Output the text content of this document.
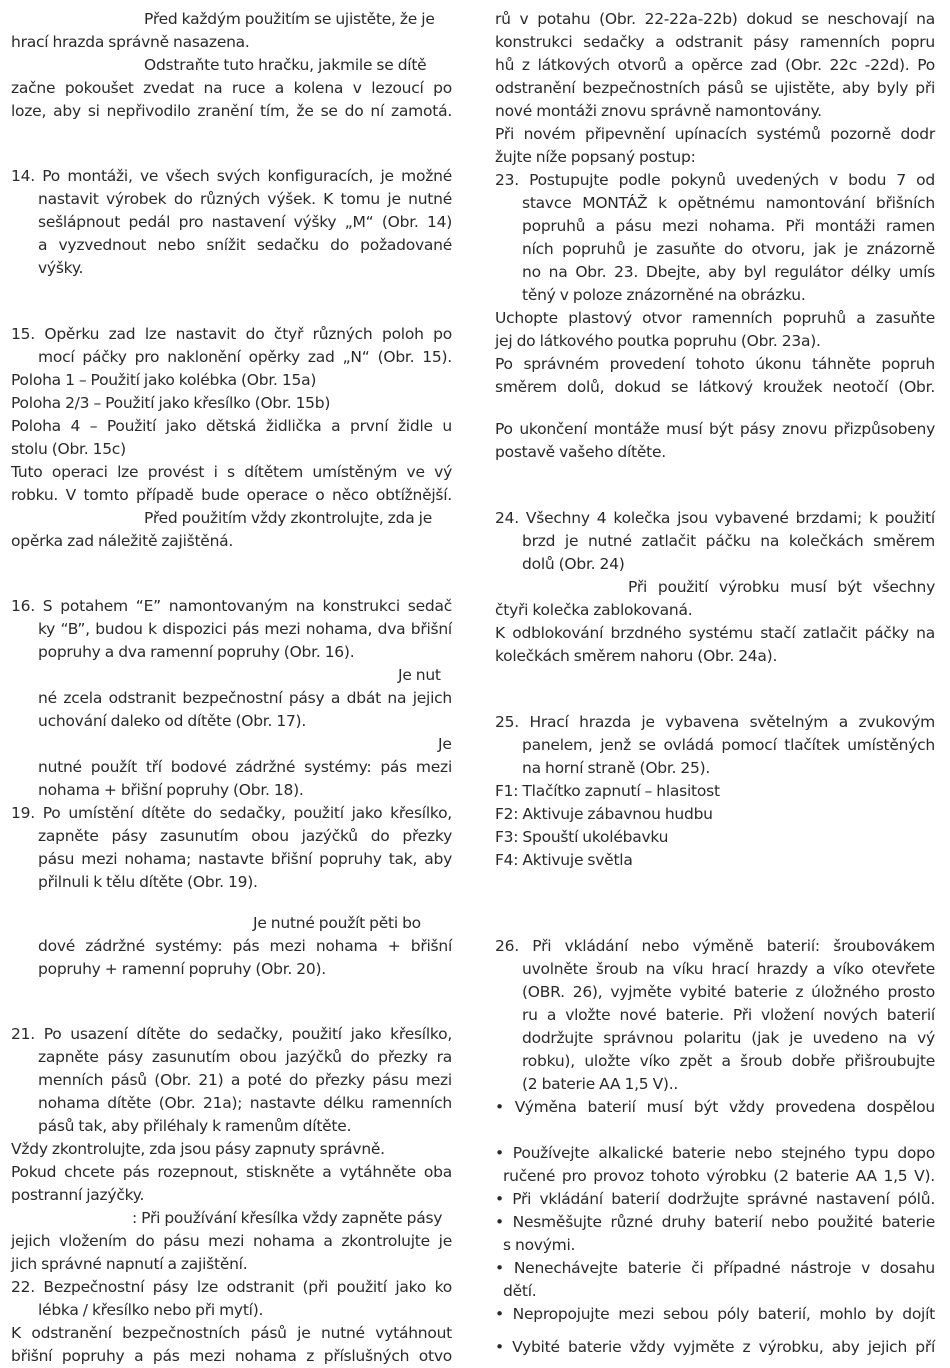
Před každým použitím se ujistěte, že je
hrací hrazda správně nasazena.
Odstraňte tuto hračku, jakmile se dítě
začne pokoušet zvedat na ruce a kolena v lezoucí po
loze, aby si nepřivodilo zranění tím, že se do ní zamotá.
14. Po montáži, ve všech svých konfiguracích, je možné
nastavit výrobek do různých výšek. K tomu je nutné
sešlápnout pedál pro nastavení výšky „M“ (Obr. 14)
a vyzvednout nebo snížit sedačku do požadované
výšky.
15. Opěrku zad lze nastavit do čtyř různých poloh po
mocí páčky pro naklonění opěrky zad „N“ (Obr. 15).
Poloha 1 – Použití jako kolébka (Obr. 15a)
Poloha 2/3 – Použití jako křesílko (Obr. 15b)
Poloha 4 – Použití jako dětská židlička a první židle u
stolu (Obr. 15c)
Tuto operaci lze provést i s dítětem umístěným ve vý
robku. V tomto případě bude operace o něco obtížnější.
Před použitím vždy zkontrolujte, zda je
opěrka zad náležitě zajištěná.
16. S potahem “E” namontovaným na konstrukci sedač
ky “B”, budou k dispozici pás mezi nohama, dva břišní
popruhy a dva ramenní popruhy (Obr. 16).
Je nut
né zcela odstranit bezpečnostní pásy a dbát na jejich
uchování daleko od dítěte (Obr. 17).
Je
nutné použít tří bodové zádržné systémy: pás mezi
nohama + břišní popruhy (Obr. 18).
19. Po umístění dítěte do sedačky, použití jako křesílko,
zapněte pásy zasunutím obou jazýčků do přezky
pásu mezi nohama; nastavte břišní popruhy tak, aby
přilnuli k tělu dítěte (Obr. 19).
Je nutné použít pěti bo
dové zádržné systémy: pás mezi nohama + břišní
popruhy + ramenní popruhy (Obr. 20).
21. Po usazení dítěte do sedačky, použití jako křesílko,
zapněte pásy zasunutím obou jazýčků do přezky ra
menních pásů (Obr. 21) a poté do přezky pásu mezi
nohama dítěte (Obr. 21a); nastavte délku ramenních
pásů tak, aby přiléhaly k ramenům dítěte.
Vždy zkontrolujte, zda jsou pásy zapnuty správně.
Pokud chcete pás rozepnout, stiskněte a vytáhněte oba
postranní jazýčky.
: Při používání křesílka vždy zapněte pásy
jejich vložením do pásu mezi nohama a zkontrolujte je
jich správné napnutí a zajištění.
22. Bezpečnostní pásy lze odstranit (při použití jako ko
lébka / křesílko nebo při mytí).
K odstranění bezpečnostních pásů je nutné vytáhnout
břišní popruhy a pás mezi nohama z příslušných otvo
rů v potahu (Obr. 22-22a-22b) dokud se neschovají na
konstrukci sedačky a odstranit pásy ramenních popru
hů z látkových otvorů a opěrce zad (Obr. 22c -22d). Po
odstranění bezpečnostních pásů se ujistěte, aby byly při
nové montáži znovu správně namontovány.
Při novém připevnění upínacích systémů pozorně dodr
žujte níže popsaný postup:
23. Postupujte podle pokynů uvedených v bodu 7 od
stavce MONTÁŽ k opětnému namontování břišních
popruhů a pásu mezi nohama. Při montáži ramen
ních popruhů je zasuňte do otvoru, jak je znázorně
no na Obr. 23. Dbejte, aby byl regulátor délky umís
těný v poloze znázorněné na obrázku.
Uchopte plastový otvor ramenních popruhů a zasuňte
jej do látkového poutka popruhu (Obr. 23a).
Po správném provedení tohoto úkonu táhněte popruh
směrem dolů, dokud se látkový kroužek neotočí (Obr.
Po ukončení montáže musí být pásy znovu přizpůsobeny
postavě vašeho dítěte.
24. Všechny 4 kolečka jsou vybavené brzdami; k použití
brzd je nutné zatlačit páčku na kolečkách směrem
dolů (Obr. 24)
Při použití výrobku musí být všechny
čtyři kolečka zablokovaná.
K odblokování brzdného systému stačí zatlačit páčky na
kolečkách směrem nahoru (Obr. 24a).
25. Hrací hrazda je vybavena světelným a zvukovým
panelem, jenž se ovládá pomocí tlačítek umístěných
na horní straně (Obr. 25).
F1: Tlačítko zapnutí – hlasitost
F2: Aktivuje zábavnou hudbu
F3: Spouští ukolébavku
F4: Aktivuje světla
26. Při vkládání nebo výměně baterií: šroubovákem
uvolněte šroub na víku hrací hrazdy a víko otevřete
(OBR. 26), vyjměte vybité baterie z úložného prosto
ru a vložte nové baterie. Při vložení nových baterií
dodržujte správnou polaritu (jak je uvedeno na vý
robku), uložte víko zpět a šroub dobře přišroubujte
(2 baterie AA 1,5 V)..
• Výměna baterií musí být vždy provedena dospělou
• Používejte alkalické baterie nebo stejného typu dopo
ručené pro provoz tohoto výrobku (2 baterie AA 1,5 V).
• Při vkládání baterií dodržujte správné nastavení pólů.
• Nesměšujte různé druhy baterií nebo použité baterie
s novými.
• Nenechávejte baterie či případné nástroje v dosahu
dětí.
• Nepropojujte mezi sebou póly baterií, mohlo by dojít
• Vybité baterie vždy vyjměte z výrobku, aby jejich pří
